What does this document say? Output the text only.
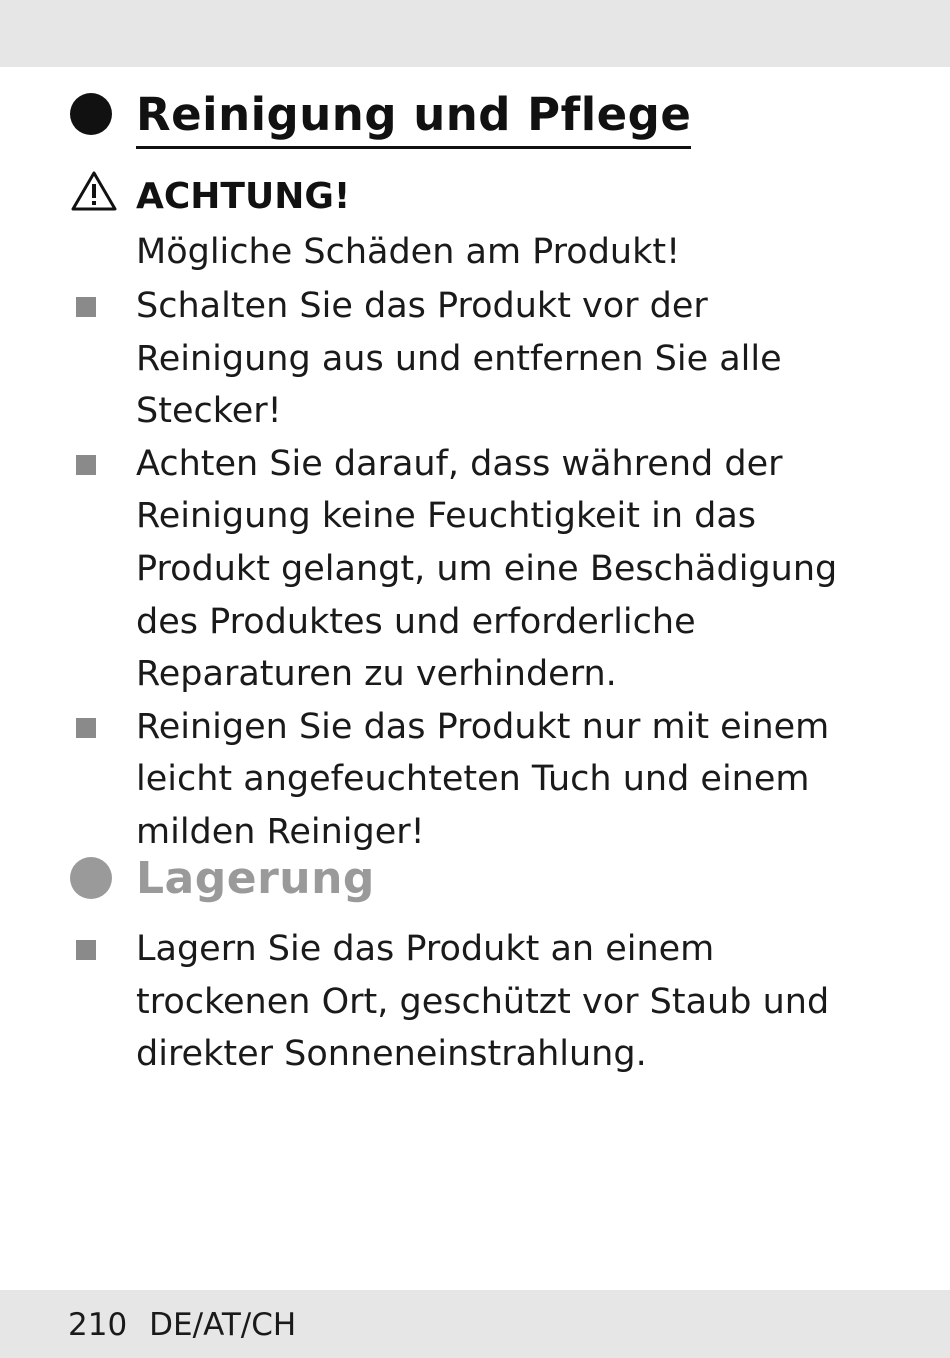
Reinigung und Pflege
ACHTUNG!
Mögliche Schäden am Produkt!
Schalten Sie das Produkt vor der Reinigung aus und entfernen Sie alle Stecker!
Achten Sie darauf, dass während der Reinigung keine Feuchtigkeit in das Produkt gelangt, um eine Beschädigung des Produktes und erforderliche Reparaturen zu verhindern.
Reinigen Sie das Produkt nur mit einem leicht angefeuchteten Tuch und einem milden Reiniger!
Lagerung
Lagern Sie das Produkt an einem trockenen Ort, geschützt vor Staub und direkter Sonneneinstrahlung.
210 DE/AT/CH
